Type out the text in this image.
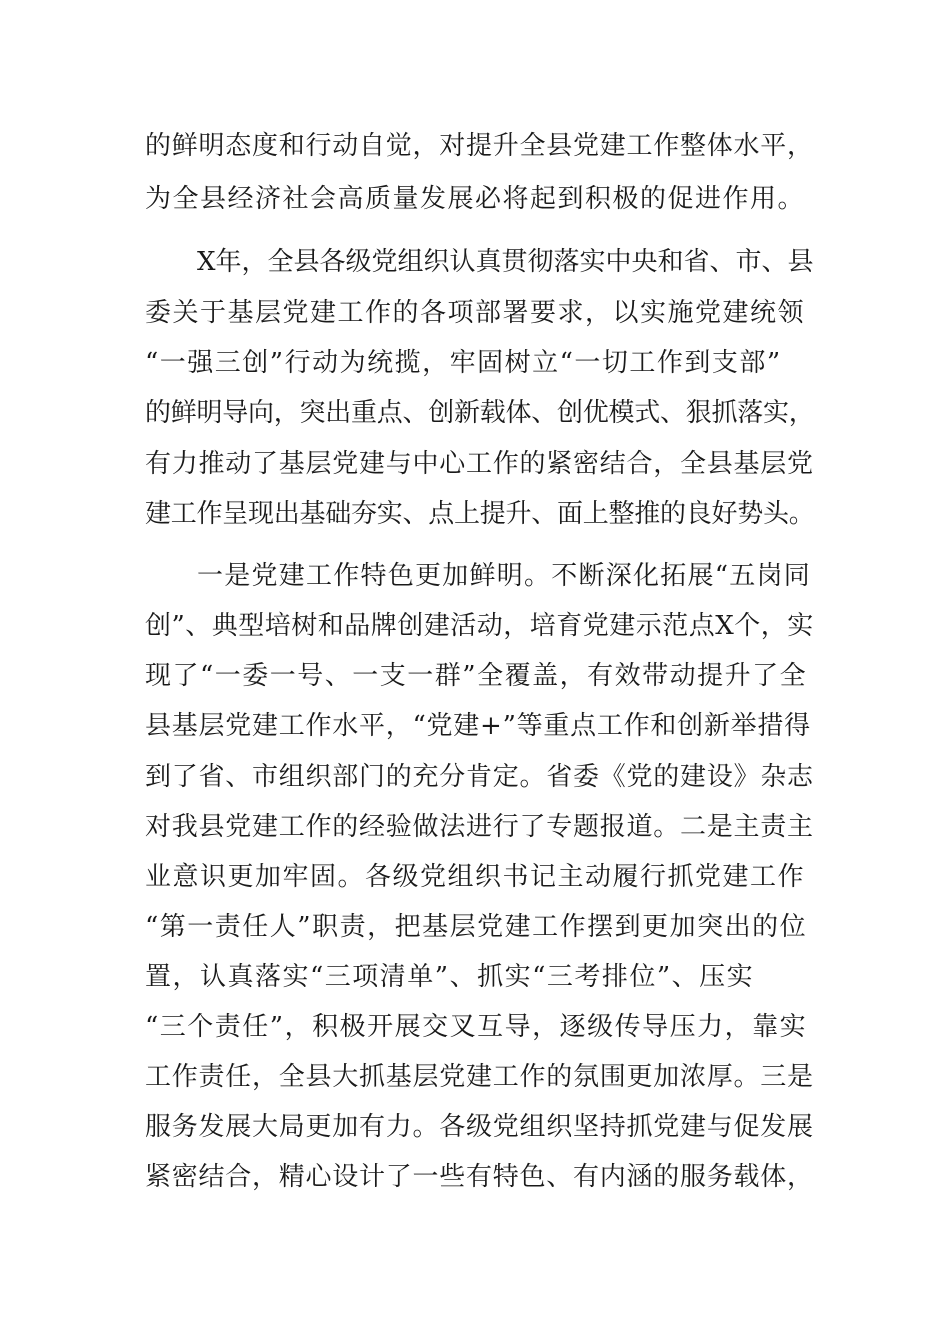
的鲜明态度和行动自觉，对提升全县党建工作整体水平，
为全县经济社会高质量发展必将起到积极的促进作用。
X年，全县各级党组织认真贯彻落实中央和省、市、县
委关于基层党建工作的各项部署要求，以实施党建统领
“一强三创”行动为统揽，牢固树立“一切工作到支部”
的鲜明导向，突出重点、创新载体、创优模式、狠抓落实，
有力推动了基层党建与中心工作的紧密结合，全县基层党
建工作呈现出基础夯实、点上提升、面上整推的良好势头。
一是党建工作特色更加鲜明。不断深化拓展“五岗同
创”、典型培树和品牌创建活动，培育党建示范点X个，实
现了“一委一号、一支一群”全覆盖，有效带动提升了全
县基层党建工作水平，“党建+”等重点工作和创新举措得
到了省、市组织部门的充分肯定。省委《党的建设》杂志
对我县党建工作的经验做法进行了专题报道。二是主责主
业意识更加牢固。各级党组织书记主动履行抓党建工作
“第一责任人”职责，把基层党建工作摆到更加突出的位
置，认真落实“三项清单”、抓实“三考排位”、压实
“三个责任”，积极开展交叉互导，逐级传导压力，靠实
工作责任，全县大抓基层党建工作的氛围更加浓厚。三是
服务发展大局更加有力。各级党组织坚持抓党建与促发展
紧密结合，精心设计了一些有特色、有内涵的服务载体，
